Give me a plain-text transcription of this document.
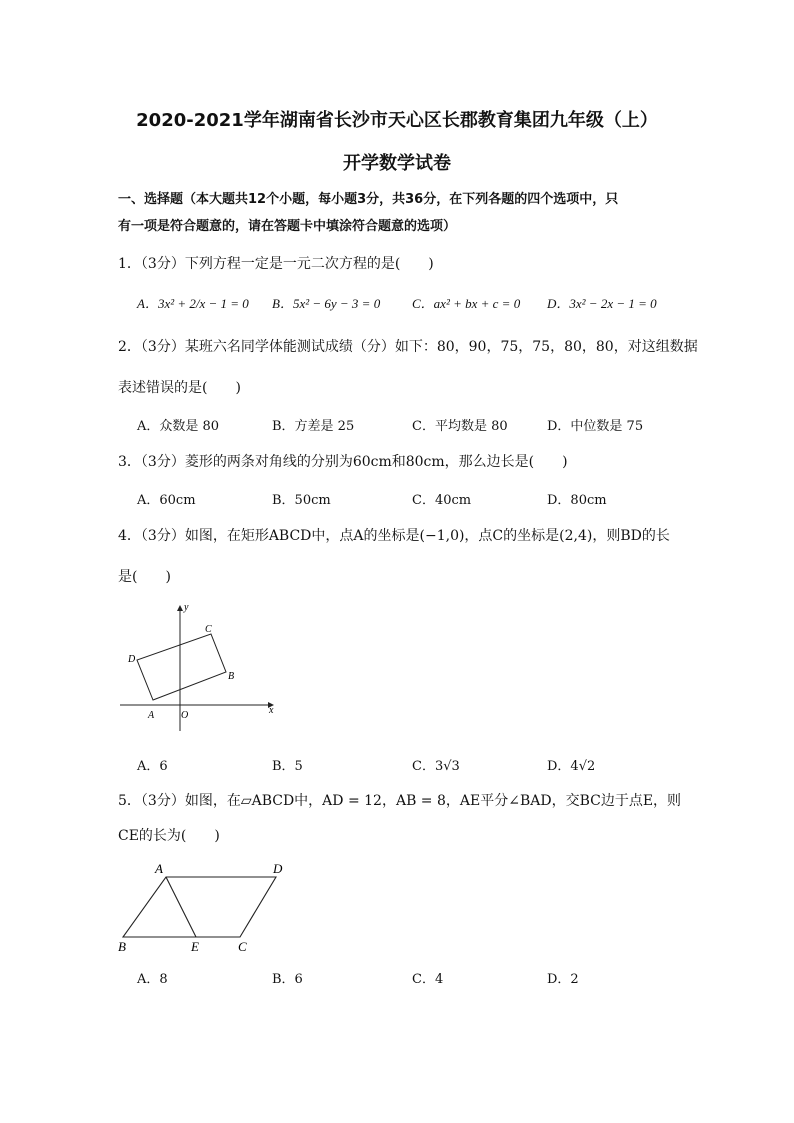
2020-2021学年湖南省长沙市天心区长郡教育集团九年级（上）
开学数学试卷
一、选择题（本大题共12个小题，每小题3分，共36分，在下列各题的四个选项中，只
有一项是符合题意的，请在答题卡中填涂符合题意的选项）
1．（3分）下列方程一定是一元二次方程的是(　　)
A．3x² + 2/x − 1 = 0 B．5x² − 6y − 3 = 0 C．ax² + bx + c = 0 D．3x² − 2x − 1 = 0
2．（3分）某班六名同学体能测试成绩（分）如下：80，90，75，75，80，80，对这组数据
表述错误的是(　　)
A．众数是 80	B．方差是 25	C．平均数是 80	D．中位数是 75
3．（3分）菱形的两条对角线的分别为60cm和80cm，那么边长是(　　)
A．60cm	B．50cm	C．40cm	D．80cm
4．（3分）如图，在矩形ABCD中，点A的坐标是(−1,0)，点C的坐标是(2,4)，则BD的长
是(　　)
y
x
O
A
B
C
D
A．6	B．5	C．3√3	D．4√2
5．（3分）如图，在▱ABCD中，AD = 12，AB = 8，AE平分∠BAD，交BC边于点E，则
CE的长为(　　)
A	D
B	E	C
A．8	B．6	C．4	D．2
